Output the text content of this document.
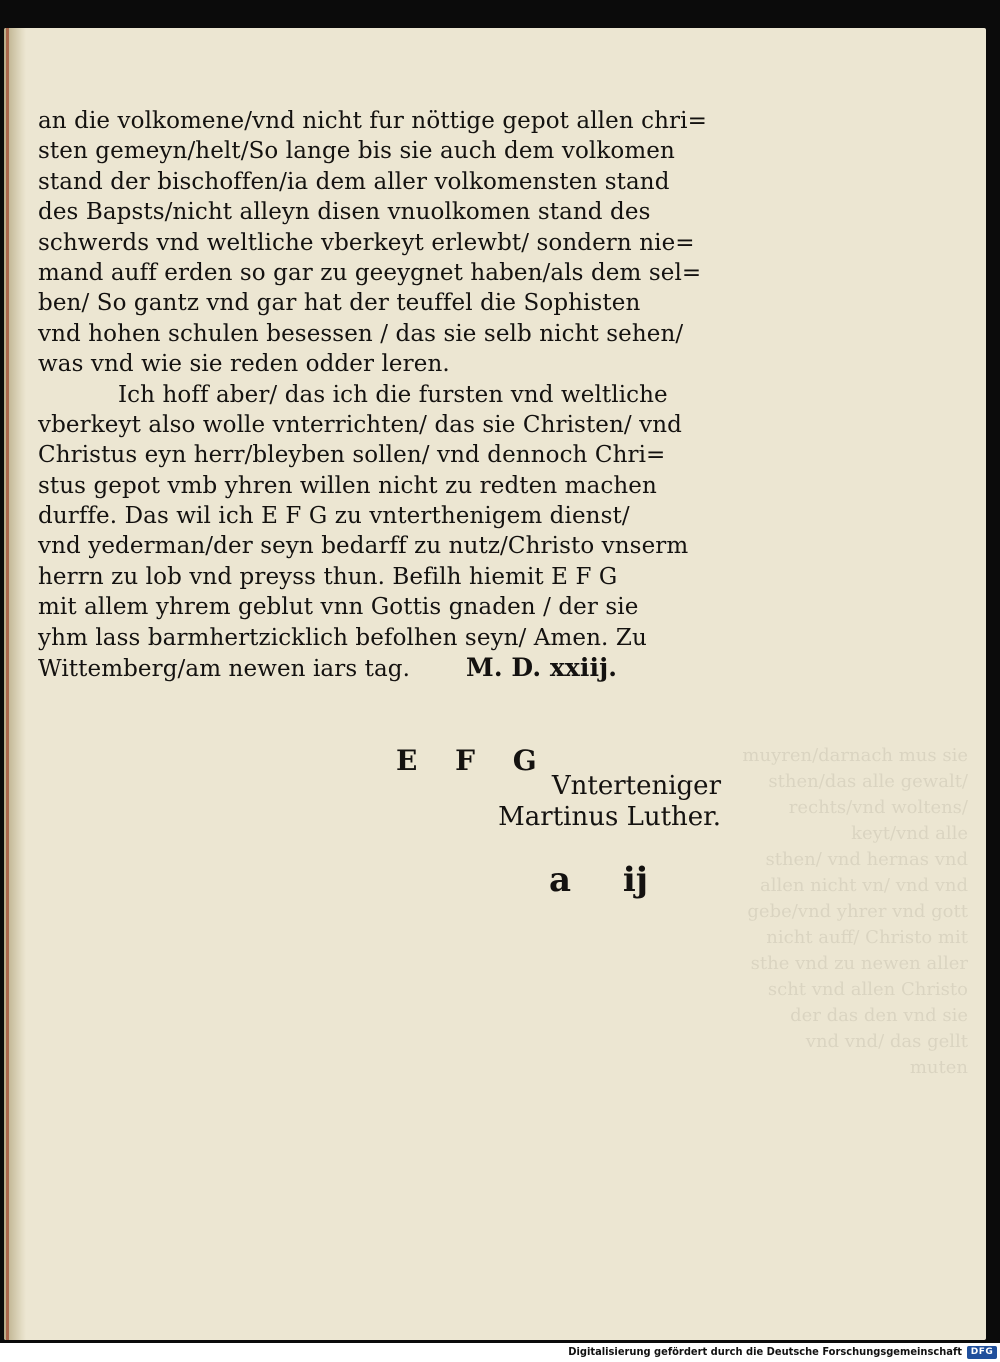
muyren/darnach mus sie
sthen/das alle gewalt/
rechts/vnd woltens/
keyt/vnd alle
sthen/ vnd hernas vnd
allen nicht vn/ vnd vnd
gebe/vnd yhrer vnd gott
nicht auff/ Christo mit
sthe vnd zu newen aller
scht vnd allen Christo
der das den vnd sie
vnd vnd/ das gellt
muten
an die volkomene/vnd nicht fur nöttige gepot allen chri=
sten gemeyn/helt/So lange bis sie auch dem volkomen
stand der bischoffen/ia dem aller volkomensten stand
des Bapsts/nicht alleyn disen vnuolkomen stand des
schwerds vnd weltliche vberkeyt erlewbt/ sondern nie=
mand auff erden so gar zu geeygnet haben/als dem sel=
ben/ So gantz vnd gar hat der teuffel die Sophisten
vnd hohen schulen besessen / das sie selb nicht sehen/
was vnd wie sie reden odder leren.
Ich hoff aber/ das ich die fursten vnd weltliche
vberkeyt also wolle vnterrichten/ das sie Christen/ vnd
Christus eyn herr/bleyben sollen/ vnd dennoch Chri=
stus gepot vmb yhren willen nicht zu redten machen
durffe. Das wil ich E F G zu vnterthenigem dienst/
vnd yederman/der seyn bedarff zu nutz/Christo vnserm
herrn zu lob vnd preyss thun. Befilh hiemit E F G
mit allem yhrem geblut vnn Gottis gnaden / der sie
yhm lass barmhertzicklich befolhen seyn/ Amen. Zu
Wittemberg/am newen iars tag. M. D. xxiij.
E F G
Vnterteniger
Martinus Luther.
a ij
Digitalisierung gefördert durch die Deutsche Forschungsgemeinschaft DFG
